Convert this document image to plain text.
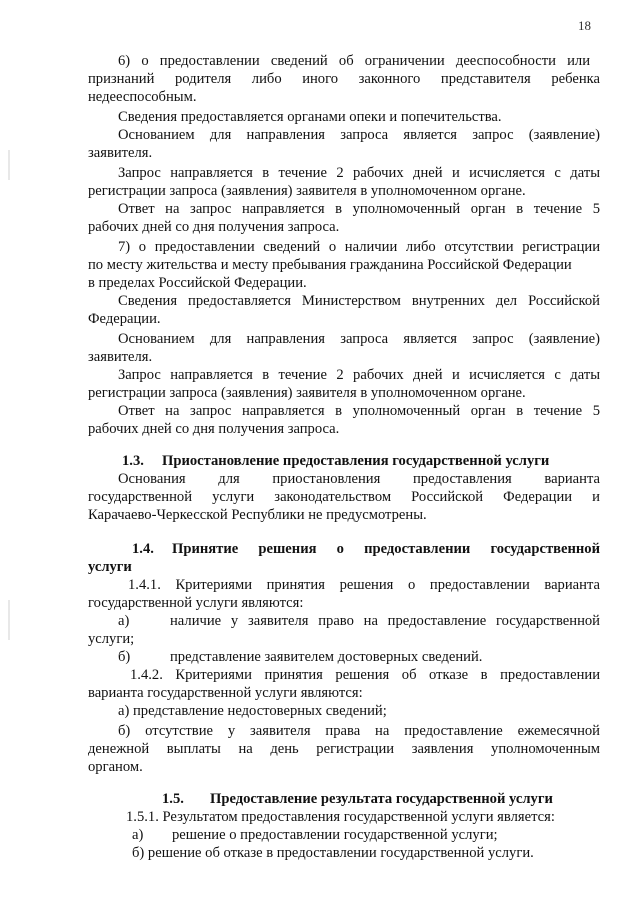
18
6) о предоставлении сведений об ограничении дееспособности или
признаний родителя либо иного законного представителя ребенка
недееспособным.
Сведения предоставляется органами опеки и попечительства.
Основанием для направления запроса является запрос (заявление)
заявителя.
Запрос направляется в течение 2 рабочих дней и исчисляется с даты
регистрации запроса (заявления) заявителя в уполномоченном органе.
Ответ на запрос направляется в уполномоченный орган в течение 5
рабочих дней со дня получения запроса.
7) о предоставлении сведений о наличии либо отсутствии регистрации
по месту жительства и месту пребывания гражданина Российской Федерации
в пределах Российской Федерации.
Сведения предоставляется Министерством внутренних дел Российской
Федерации.
Основанием для направления запроса является запрос (заявление)
заявителя.
Запрос направляется в течение 2 рабочих дней и исчисляется с даты
регистрации запроса (заявления) заявителя в уполномоченном органе.
Ответ на запрос направляется в уполномоченный орган в течение 5
рабочих дней со дня получения запроса.
1.3. Приостановление предоставления государственной услуги
Основания для приостановления предоставления варианта
государственной услуги законодательством Российской Федерации и
Карачаево-Черкесской Республики не предусмотрены.
1.4. Принятие решения о предоставлении государственной
услуги
1.4.1. Критериями принятия решения о предоставлении варианта
государственной услуги являются:
а)	наличие у заявителя право на предоставление государственной
услуги;
б)	представление заявителем достоверных сведений.
1.4.2. Критериями принятия решения об отказе в предоставлении
варианта государственной услуги являются:
а) представление недостоверных сведений;
б) отсутствие у заявителя права на предоставление ежемесячной
денежной выплаты на день регистрации заявления уполномоченным
органом.
1.5. Предоставление результата государственной услуги
1.5.1. Результатом предоставления государственной услуги является:
а) решение о предоставлении государственной услуги;
б) решение об отказе в предоставлении государственной услуги.
